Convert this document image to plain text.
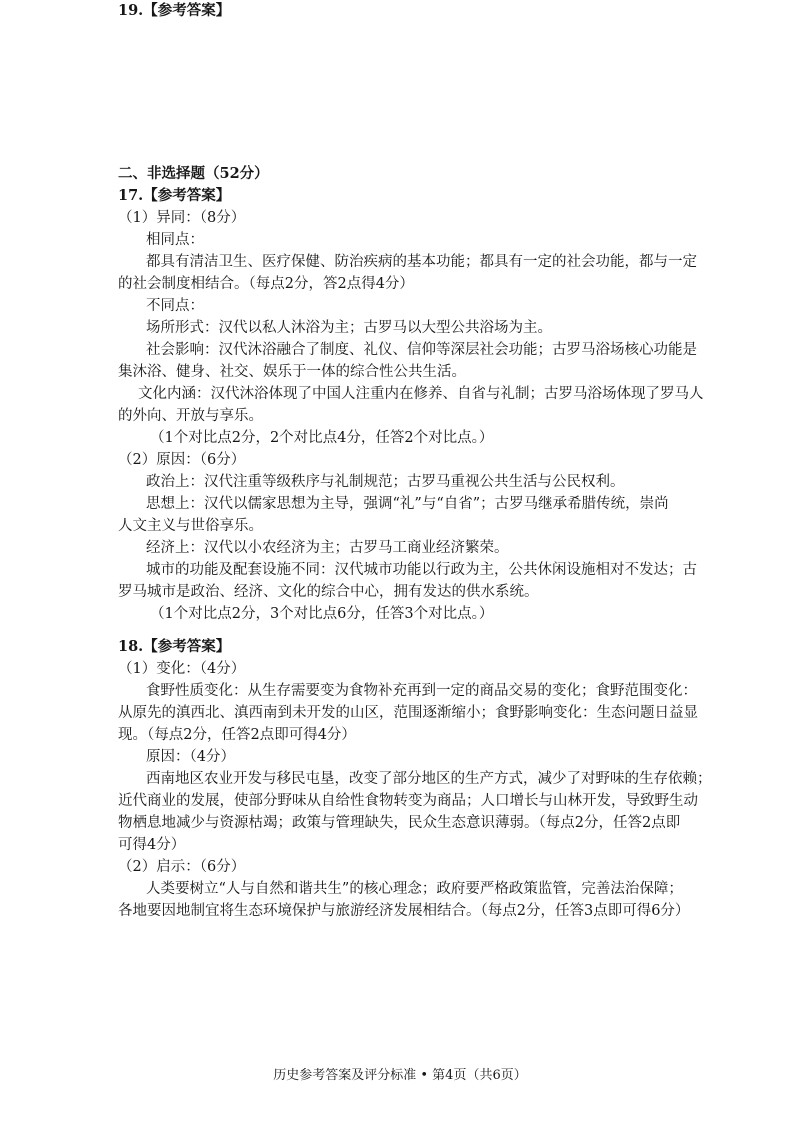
二、非选择题（52分）
17.【参考答案】
（1）异同：（8分）
相同点：
都具有清洁卫生、医疗保健、防治疾病的基本功能；都具有一定的社会功能，都与一定
的社会制度相结合。（每点2分，答2点得4分）
不同点：
场所形式：汉代以私人沐浴为主；古罗马以大型公共浴场为主。
社会影响：汉代沐浴融合了制度、礼仪、信仰等深层社会功能；古罗马浴场核心功能是
集沐浴、健身、社交、娱乐于一体的综合性公共生活。
文化内涵：汉代沐浴体现了中国人注重内在修养、自省与礼制；古罗马浴场体现了罗马人
的外向、开放与享乐。
（1个对比点2分，2个对比点4分，任答2个对比点。）
（2）原因：（6分）
政治上：汉代注重等级秩序与礼制规范；古罗马重视公共生活与公民权利。
思想上：汉代以儒家思想为主导，强调“礼”与“自省”；古罗马继承希腊传统，崇尚
人文主义与世俗享乐。
经济上：汉代以小农经济为主；古罗马工商业经济繁荣。
城市的功能及配套设施不同：汉代城市功能以行政为主，公共休闲设施相对不发达；古
罗马城市是政治、经济、文化的综合中心，拥有发达的供水系统。
（1个对比点2分，3个对比点6分，任答3个对比点。）
18.【参考答案】
（1）变化：（4分）
食野性质变化：从生存需要变为食物补充再到一定的商品交易的变化；食野范围变化：
从原先的滇西北、滇西南到未开发的山区，范围逐渐缩小；食野影响变化：生态问题日益显
现。（每点2分，任答2点即可得4分）
原因：（4分）
西南地区农业开发与移民屯垦，改变了部分地区的生产方式，减少了对野味的生存依赖；
近代商业的发展，使部分野味从自给性食物转变为商品；人口增长与山林开发，导致野生动
物栖息地减少与资源枯竭；政策与管理缺失，民众生态意识薄弱。（每点2分，任答2点即
可得4分）
（2）启示：（6分）
人类要树立“人与自然和谐共生”的核心理念；政府要严格政策监管，完善法治保障；
各地要因地制宜将生态环境保护与旅游经济发展相结合。（每点2分，任答3点即可得6分）
19.【参考答案】
历史参考答案及评分标准 • 第4页（共6页）
